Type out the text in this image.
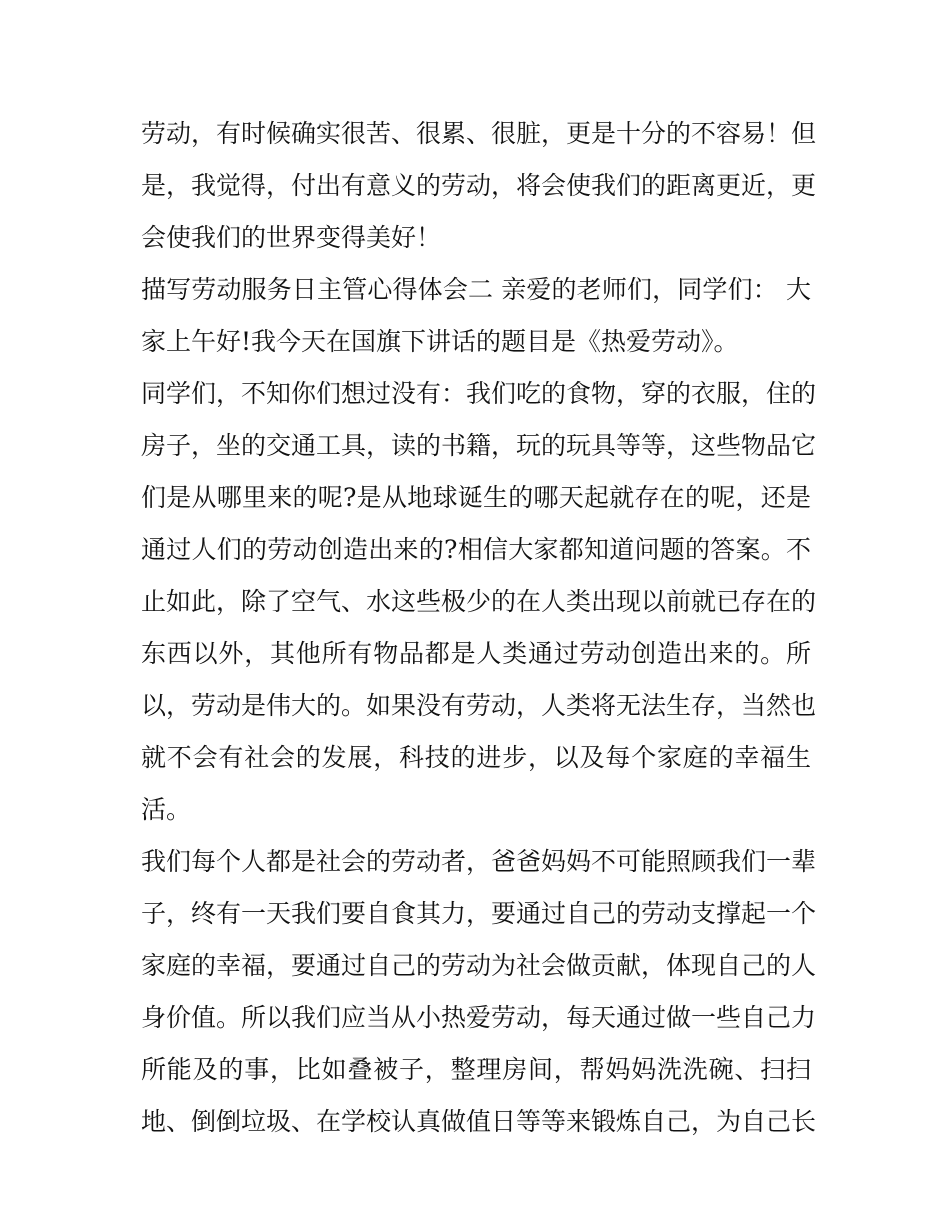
劳动，有时候确实很苦、很累、很脏，更是十分的不容易！但
是，我觉得，付出有意义的劳动，将会使我们的距离更近，更
会使我们的世界变得美好！
描写劳动服务日主管心得体会二 亲爱的老师们，同学们： 大
家上午好!我今天在国旗下讲话的题目是《热爱劳动》。
同学们，不知你们想过没有：我们吃的食物，穿的衣服，住的
房子，坐的交通工具，读的书籍，玩的玩具等等，这些物品它
们是从哪里来的呢?是从地球诞生的哪天起就存在的呢，还是
通过人们的劳动创造出来的?相信大家都知道问题的答案。不
止如此，除了空气、水这些极少的在人类出现以前就已存在的
东西以外，其他所有物品都是人类通过劳动创造出来的。所
以，劳动是伟大的。如果没有劳动，人类将无法生存，当然也
就不会有社会的发展，科技的进步，以及每个家庭的幸福生
活。
我们每个人都是社会的劳动者，爸爸妈妈不可能照顾我们一辈
子，终有一天我们要自食其力，要通过自己的劳动支撑起一个
家庭的幸福，要通过自己的劳动为社会做贡献，体现自己的人
身价值。所以我们应当从小热爱劳动，每天通过做一些自己力
所能及的事，比如叠被子，整理房间，帮妈妈洗洗碗、扫扫
地、倒倒垃圾、在学校认真做值日等等来锻炼自己，为自己长
